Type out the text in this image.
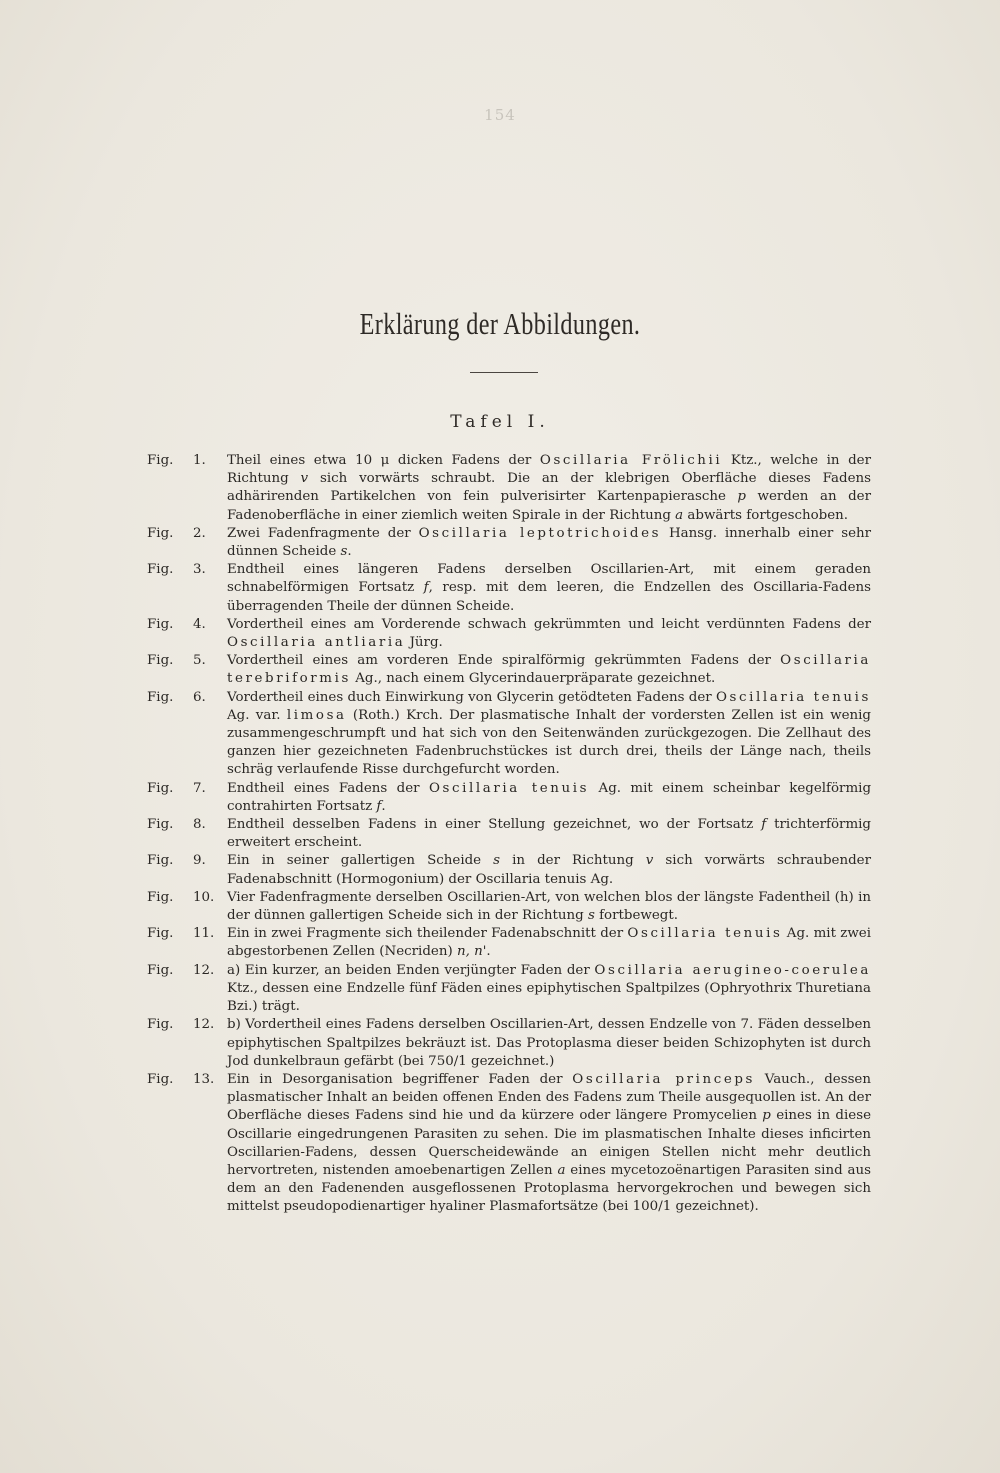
154
Erklärung der Abbildungen.
Tafel I.
Fig. 1.	Theil eines etwa 10 μ dicken Fadens der Oscillaria Frölichii Ktz., welche in der Richtung v sich vorwärts schraubt. Die an der klebrigen Oberfläche dieses Fadens adhärirenden Partikelchen von fein pulverisirter Kartenpapierasche p werden an der Fadenoberfläche in einer ziemlich weiten Spirale in der Richtung a abwärts fortgeschoben.
Fig. 2.	Zwei Fadenfragmente der Oscillaria leptotrichoides Hansg. innerhalb einer sehr dünnen Scheide s.
Fig. 3.	Endtheil eines längeren Fadens derselben Oscillarien-Art, mit einem geraden schnabelförmigen Fortsatz f, resp. mit dem leeren, die Endzellen des Oscillaria-Fadens überragenden Theile der dünnen Scheide.
Fig. 4.	Vordertheil eines am Vorderende schwach gekrümmten und leicht verdünnten Fadens der Oscillaria antliaria Jürg.
Fig. 5.	Vordertheil eines am vorderen Ende spiralförmig gekrümmten Fadens der Oscillaria terebriformis Ag., nach einem Glycerindauerpräparate gezeichnet.
Fig. 6.	Vordertheil eines duch Einwirkung von Glycerin getödteten Fadens der Oscillaria tenuis Ag. var. limosa (Roth.) Krch. Der plasmatische Inhalt der vordersten Zellen ist ein wenig zusammengeschrumpft und hat sich von den Seitenwänden zurückgezogen. Die Zellhaut des ganzen hier gezeichneten Fadenbruchstückes ist durch drei, theils der Länge nach, theils schräg verlaufende Risse durchgefurcht worden.
Fig. 7.	Endtheil eines Fadens der Oscillaria tenuis Ag. mit einem scheinbar kegelförmig contrahirten Fortsatz f.
Fig. 8.	Endtheil desselben Fadens in einer Stellung gezeichnet, wo der Fortsatz f trichterförmig erweitert erscheint.
Fig. 9.	Ein in seiner gallertigen Scheide s in der Richtung v sich vorwärts schraubender Fadenabschnitt (Hormogonium) der Oscillaria tenuis Ag.
Fig. 10. Vier Fadenfragmente derselben Oscillarien-Art, von welchen blos der längste Fadentheil (h) in der dünnen gallertigen Scheide sich in der Richtung s fortbewegt.
Fig. 11. Ein in zwei Fragmente sich theilender Fadenabschnitt der Oscillaria tenuis Ag. mit zwei abgestorbenen Zellen (Necriden) n, n'.
Fig. 12. a) Ein kurzer, an beiden Enden verjüngter Faden der Oscillaria aerugineo-coerulea Ktz., dessen eine Endzelle fünf Fäden eines epiphytischen Spaltpilzes (Ophryothrix Thuretiana Bzi.) trägt.
Fig. 12. b) Vordertheil eines Fadens derselben Oscillarien-Art, dessen Endzelle von 7. Fäden desselben epiphytischen Spaltpilzes bekräuzt ist. Das Protoplasma dieser beiden Schizophyten ist durch Jod dunkelbraun gefärbt (bei 750/1 gezeichnet.)
Fig. 13. Ein in Desorganisation begriffener Faden der Oscillaria princeps Vauch., dessen plasmatischer Inhalt an beiden offenen Enden des Fadens zum Theile ausgequollen ist. An der Oberfläche dieses Fadens sind hie und da kürzere oder längere Promycelien p eines in diese Oscillarie eingedrungenen Parasiten zu sehen. Die im plasmatischen Inhalte dieses inficirten Oscillarien-Fadens, dessen Querscheidewände an einigen Stellen nicht mehr deutlich hervortreten, nistenden amoebenartigen Zellen a eines mycetozoënartigen Parasiten sind aus dem an den Fadenenden ausgeflossenen Protoplasma hervorgekrochen und bewegen sich mittelst pseudopodienartiger hyaliner Plasmafortsätze (bei 100/1 gezeichnet).
